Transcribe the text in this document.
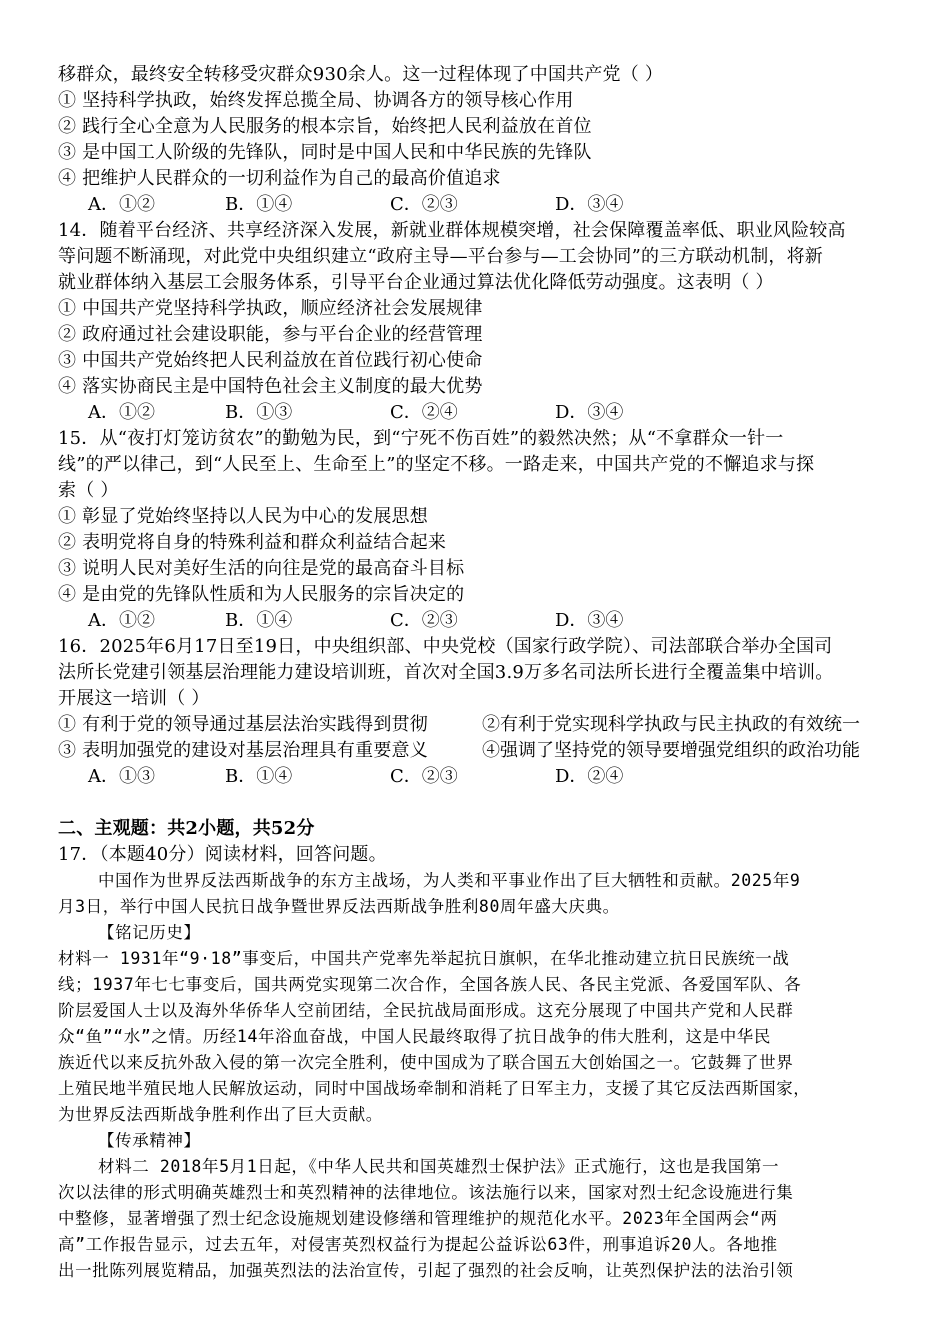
移群众，最终安全转移受灾群众930余人。这一过程体现了中国共产党（ ）
① 坚持科学执政，始终发挥总揽全局、协调各方的领导核心作用
② 践行全心全意为人民服务的根本宗旨，始终把人民利益放在首位
③ 是中国工人阶级的先锋队，同时是中国人民和中华民族的先锋队
④ 把维护人民群众的一切利益作为自己的最高价值追求
A．①②	B．①④	C．②③	D．③④
14．随着平台经济、共享经济深入发展，新就业群体规模突增，社会保障覆盖率低、职业风险较高
等问题不断涌现，对此党中央组织建立“政府主导—平台参与—工会协同”的三方联动机制，将新
就业群体纳入基层工会服务体系，引导平台企业通过算法优化降低劳动强度。这表明（ ）
① 中国共产党坚持科学执政，顺应经济社会发展规律
② 政府通过社会建设职能，参与平台企业的经营管理
③ 中国共产党始终把人民利益放在首位践行初心使命
④ 落实协商民主是中国特色社会主义制度的最大优势
A．①②	B．①③	C．②④	D．③④
15．从“夜打灯笼访贫农”的勤勉为民，到“宁死不伤百姓”的毅然决然；从“不拿群众一针一
线”的严以律己，到“人民至上、生命至上”的坚定不移。一路走来，中国共产党的不懈追求与探
索（ ）
① 彰显了党始终坚持以人民为中心的发展思想
② 表明党将自身的特殊利益和群众利益结合起来
③ 说明人民对美好生活的向往是党的最高奋斗目标
④ 是由党的先锋队性质和为人民服务的宗旨决定的
A．①②	B．①④	C．②③	D．③④
16．2025年6月17日至19日，中央组织部、中央党校（国家行政学院）、司法部联合举办全国司
法所长党建引领基层治理能力建设培训班，首次对全国3.9万多名司法所长进行全覆盖集中培训。
开展这一培训（ ）
① 有利于党的领导通过基层法治实践得到贯彻	②有利于党实现科学执政与民主执政的有效统一
③ 表明加强党的建设对基层治理具有重要意义	④强调了坚持党的领导要增强党组织的政治功能
A．①③	B．①④	C．②③	D．②④
二、主观题：共2小题，共52分
17．（本题40分）阅读材料，回答问题。
中国作为世界反法西斯战争的东方主战场，为人类和平事业作出了巨大牺牲和贡献。2025年9
月3日，举行中国人民抗日战争暨世界反法西斯战争胜利80周年盛大庆典。
【铭记历史】
材料一 1931年“9·18”事变后，中国共产党率先举起抗日旗帜，在华北推动建立抗日民族统一战
线；1937年七七事变后，国共两党实现第二次合作，全国各族人民、各民主党派、各爱国军队、各
阶层爱国人士以及海外华侨华人空前团结，全民抗战局面形成。这充分展现了中国共产党和人民群
众“鱼”“水”之情。历经14年浴血奋战，中国人民最终取得了抗日战争的伟大胜利，这是中华民
族近代以来反抗外敌入侵的第一次完全胜利，使中国成为了联合国五大创始国之一。它鼓舞了世界
上殖民地半殖民地人民解放运动，同时中国战场牵制和消耗了日军主力，支援了其它反法西斯国家，
为世界反法西斯战争胜利作出了巨大贡献。
【传承精神】
材料二 2018年5月1日起，《中华人民共和国英雄烈士保护法》正式施行，这也是我国第一
次以法律的形式明确英雄烈士和英烈精神的法律地位。该法施行以来，国家对烈士纪念设施进行集
中整修，显著增强了烈士纪念设施规划建设修缮和管理维护的规范化水平。2023年全国两会“两
高”工作报告显示，过去五年，对侵害英烈权益行为提起公益诉讼63件，刑事追诉20人。各地推
出一批陈列展览精品，加强英烈法的法治宣传，引起了强烈的社会反响，让英烈保护法的法治引领
